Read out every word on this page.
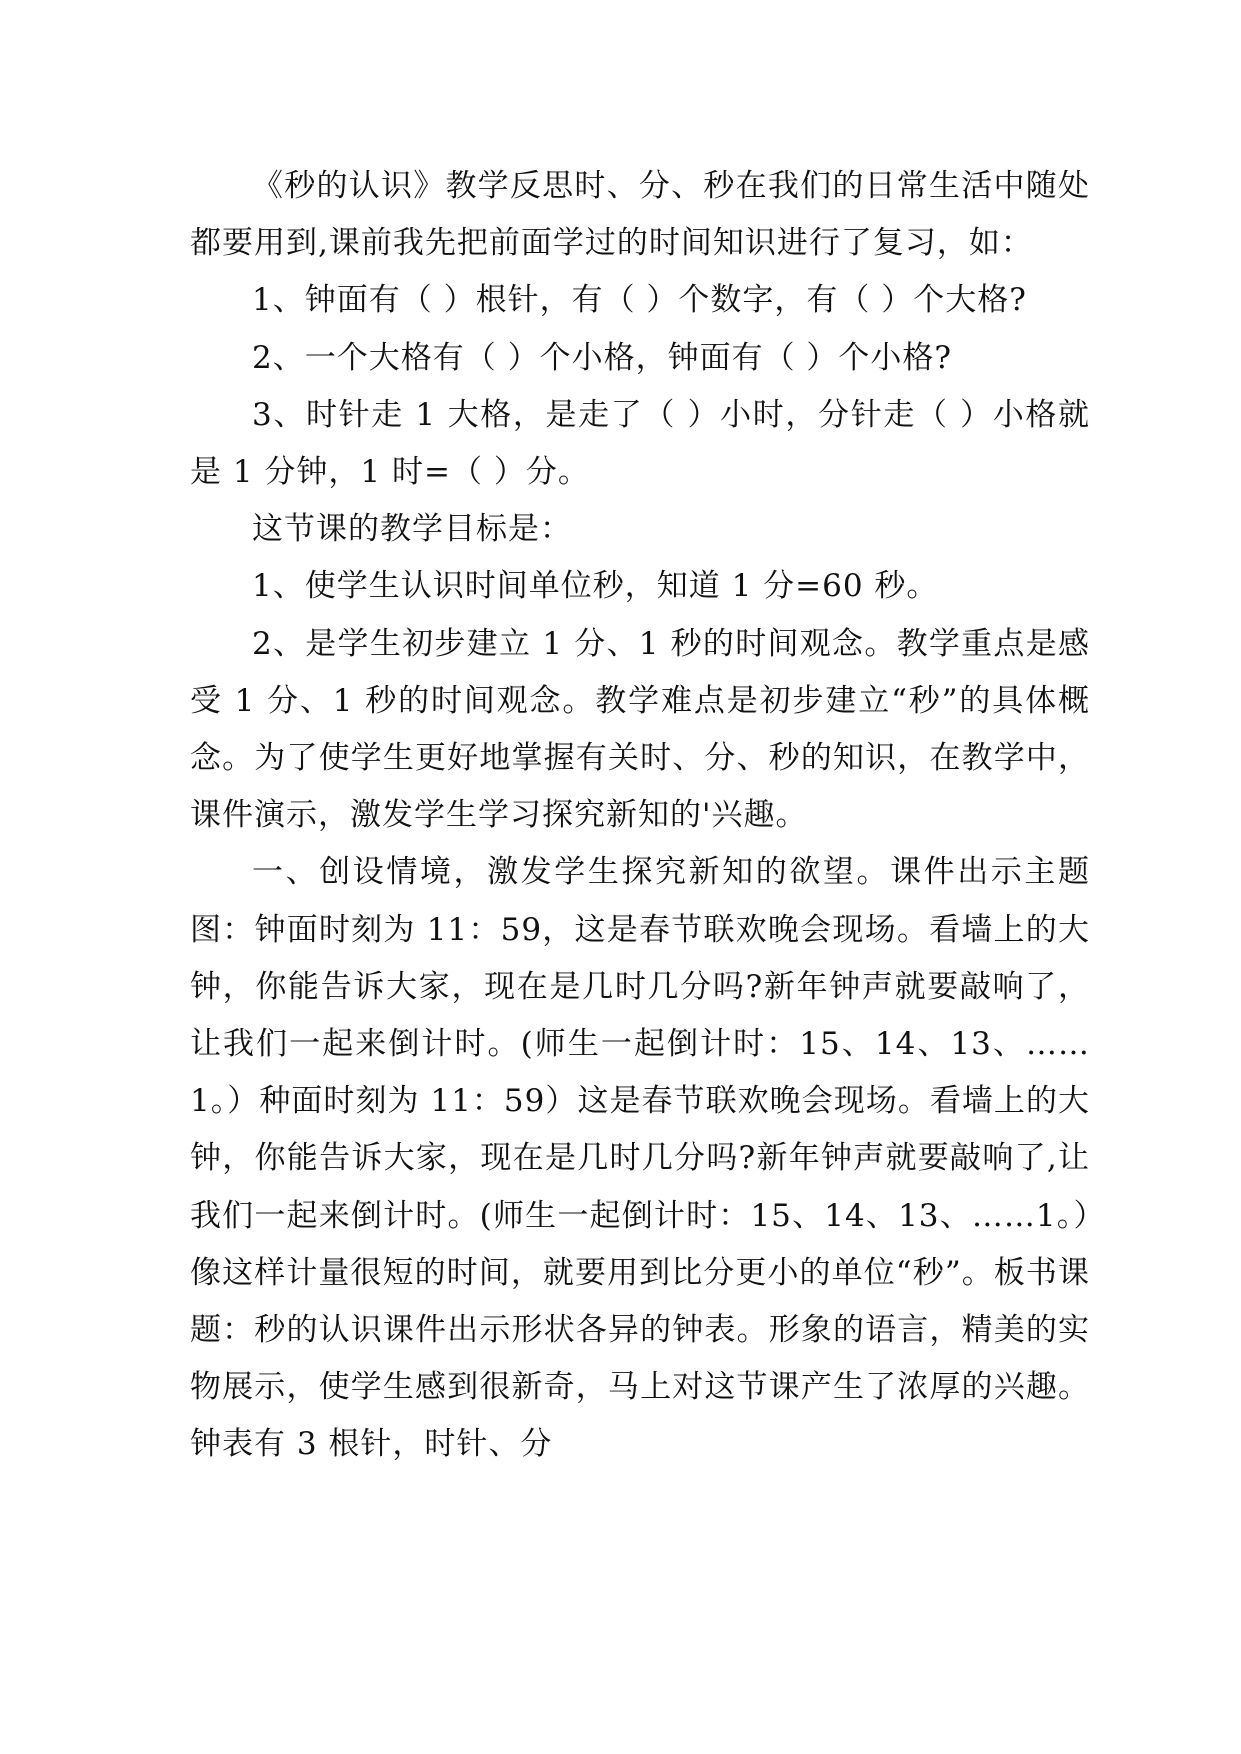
《秒的认识》教学反思时、分、秒在我们的日常生活中随处都要用到,课前我先把前面学过的时间知识进行了复习，如：

1、钟面有（ ）根针，有（ ）个数字，有（ ）个大格?

2、一个大格有（ ）个小格，钟面有（ ）个小格?

3、时针走 1 大格，是走了（ ）小时，分针走（ ）小格就是 1 分钟，1 时=（ ）分。

这节课的教学目标是：

1、使学生认识时间单位秒，知道 1 分=60 秒。

2、是学生初步建立 1 分、1 秒的时间观念。教学重点是感受 1 分、1 秒的时间观念。教学难点是初步建立“秒”的具体概念。为了使学生更好地掌握有关时、分、秒的知识，在教学中，课件演示，激发学生学习探究新知的'兴趣。

一、创设情境，激发学生探究新知的欲望。课件出示主题图：钟面时刻为 11：59，这是春节联欢晚会现场。看墙上的大钟，你能告诉大家，现在是几时几分吗?新年钟声就要敲响了，让我们一起来倒计时。(师生一起倒计时：15、14、13、……1。）种面时刻为 11：59）这是春节联欢晚会现场。看墙上的大钟，你能告诉大家，现在是几时几分吗?新年钟声就要敲响了,让我们一起来倒计时。(师生一起倒计时：15、14、13、……1。）像这样计量很短的时间，就要用到比分更小的单位“秒”。板书课题：秒的认识课件出示形状各异的钟表。形象的语言，精美的实物展示，使学生感到很新奇，马上对这节课产生了浓厚的兴趣。钟表有 3 根针，时针、分
